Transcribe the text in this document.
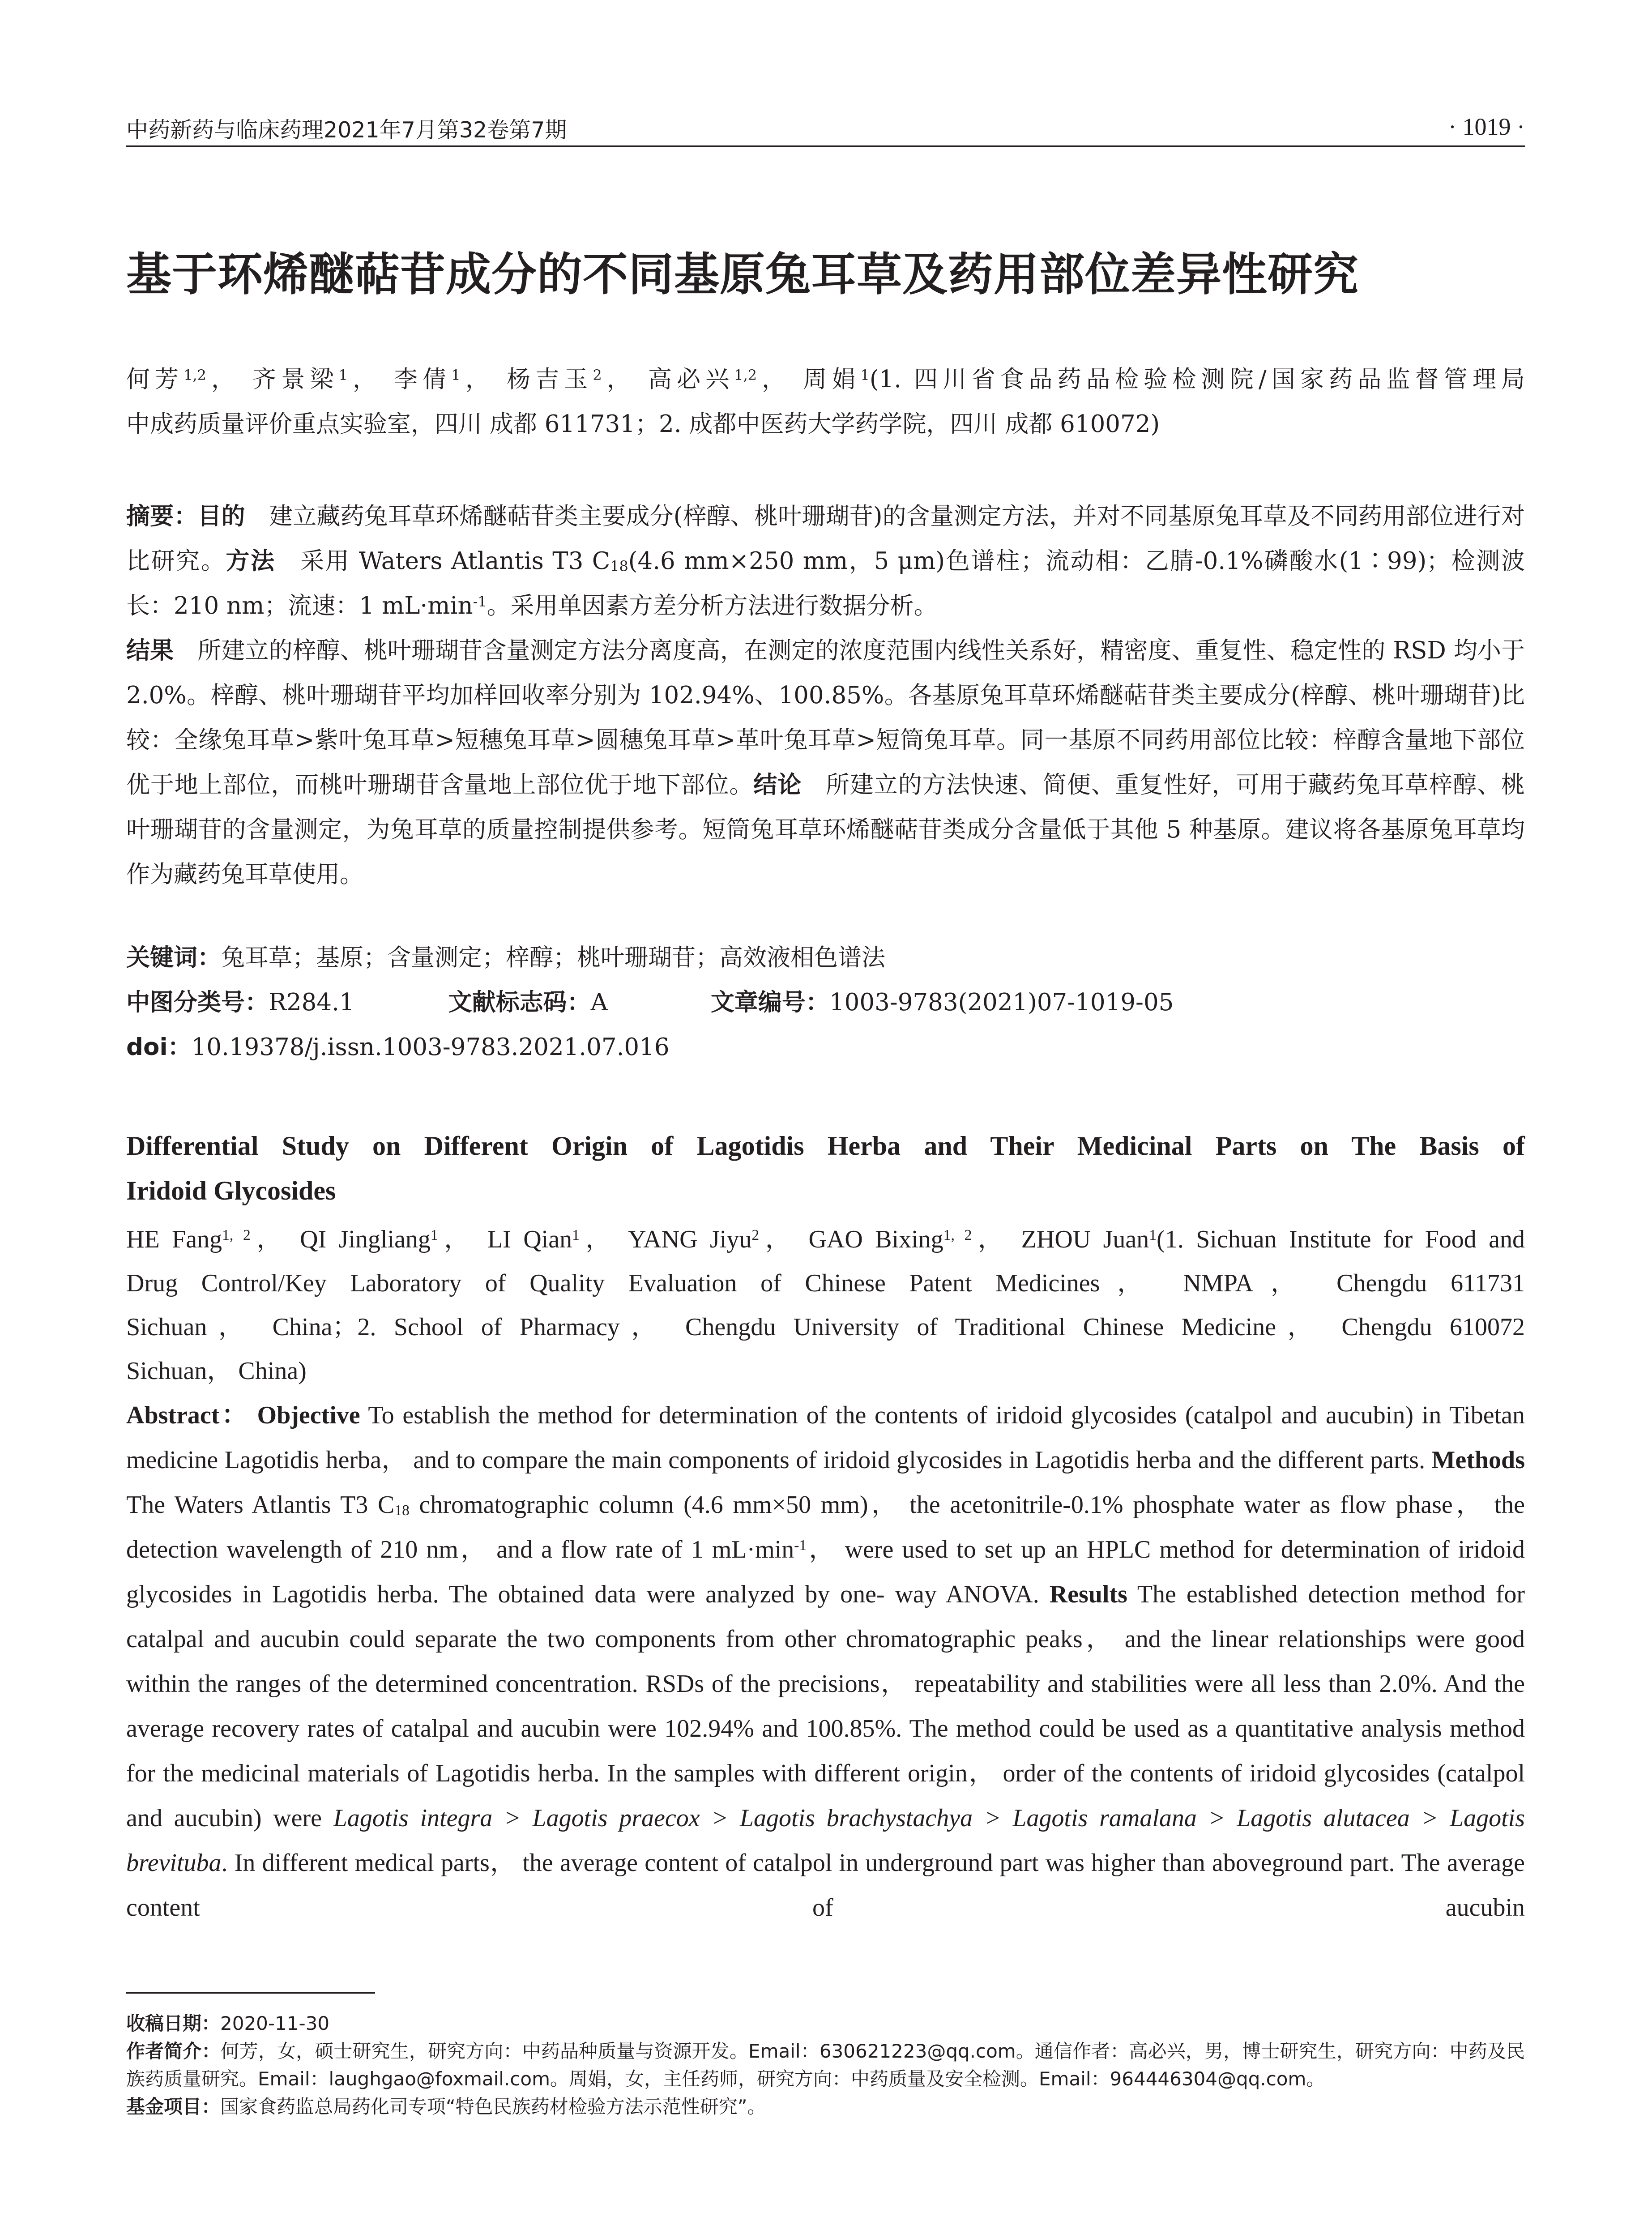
中药新药与临床药理2021年7月第32卷第7期	· 1019 ·
基于环烯醚萜苷成分的不同基原兔耳草及药用部位差异性研究
何芳$^{1,2}$， 齐景梁$^1$， 李倩$^1$， 杨吉玉$^2$， 高必兴$^{1,2}$， 周娟$^1$(1. 四川省食品药品检验检测院/国家药品监督管理局
中成药质量评价重点实验室，四川 成都 611731；2. 成都中医药大学药学院，四川 成都 610072)
摘要：目的  建立藏药兔耳草环烯醚萜苷类主要成分(梓醇、桃叶珊瑚苷)的含量测定方法，并对不同基原兔耳草及不同药用部位进行对比研究。方法  采用 Waters Atlantis T3 $C_{18}(4.6$ mm×250 mm，5 μm)色谱柱；流动相：乙腈-0.1%磷酸水(1∶99)；检测波长：210 nm；流速：1 $mL\cdot\min^{-1}$。采用单因素方差分析方法进行数据分析。
结果  所建立的梓醇、桃叶珊瑚苷含量测定方法分离度高，在测定的浓度范围内线性关系好，精密度、重复性、稳定性的 RSD 均小于 2.0%。梓醇、桃叶珊瑚苷平均加样回收率分别为 102.94%、100.85%。各基原兔耳草环烯醚萜苷类主要成分(梓醇、桃叶珊瑚苷)比较：全缘兔耳草>紫叶兔耳草>短穗兔耳草>圆穗兔耳草>革叶兔耳草>短筒兔耳草。同一基原不同药用部位比较：梓醇含量地下部位优于地上部位，而桃叶珊瑚苷含量地上部位优于地下部位。结论  所建立的方法快速、简便、重复性好，可用于藏药兔耳草梓醇、桃叶珊瑚苷的含量测定，为兔耳草的质量控制提供参考。短筒兔耳草环烯醚萜苷类成分含量低于其他 5 种基原。建议将各基原兔耳草均作为藏药兔耳草使用。
关键词： 兔耳草；基原；含量测定；梓醇；桃叶珊瑚苷；高效液相色谱法
中图分类号： R284.1	文献标志码： A	文章编号： 1003-9783(2021)07-1019-05
doi： 10.19378/j.issn.1003-9783.2021.07.016
Differential Study on Different Origin of Lagotidis Herba and Their Medicinal Parts on The Basis of
Iridoid Glycosides
HE Fang$^{1, 2}$， QI Jingliang$^1$， LI Qian$^1$， YANG Jiyu$^2$， GAO Bixing$^{1, 2}$， ZHOU Juan$^1$(1. Sichuan Institute for Food and
Drug Control/Key Laboratory of Quality Evaluation of Chinese Patent Medicines， NMPA， Chengdu 611731
Sichuan， China；2. School of Pharmacy， Chengdu University of Traditional Chinese Medicine， Chengdu 610072
Sichuan， China)
Abstract： Objective To establish the method for determination of the contents of iridoid glycosides (catalpol and aucubin) in Tibetan medicine Lagotidis herba， and to compare the main components of iridoid glycosides in Lagotidis herba and the different parts. Methods The Waters Atlantis T3 $C_{18}$ chromatographic column (4.6 mm×50 mm)， the acetonitrile-0.1% phosphate water as flow phase， the detection wavelength of 210 nm， and a flow rate of 1 $mL\cdot\min^{-1}$， were used to set up an HPLC method for determination of iridoid glycosides in Lagotidis herba. The obtained data were analyzed by one- way ANOVA. Results The established detection method for catalpal and aucubin could separate the two components from other chromatographic peaks， and the linear relationships were good within the ranges of the determined concentration. RSDs of the precisions， repeatability and stabilities were all less than 2.0%. And the average recovery rates of catalpal and aucubin were 102.94% and 100.85%. The method could be used as a quantitative analysis method for the medicinal materials of Lagotidis herba. In the samples with different origin， order of the contents of iridoid glycosides (catalpol and aucubin) were Lagotis integra > Lagotis praecox > Lagotis brachystachya > Lagotis ramalana > Lagotis alutacea > Lagotis brevituba. In different medical parts， the average content of catalpol in underground part was higher than aboveground part. The average content of aucubin
收稿日期：2020-11-30
作者简介：何芳，女，硕士研究生，研究方向：中药品种质量与资源开发。Email：630621223@qq.com。通信作者：高必兴，男，博士研究生，研究方向：中药及民族药质量研究。Email：laughgao@foxmail.com。周娟，女，主任药师，研究方向：中药质量及安全检测。Email：964446304@qq.com。
基金项目：国家食药监总局药化司专项“特色民族药材检验方法示范性研究”。
